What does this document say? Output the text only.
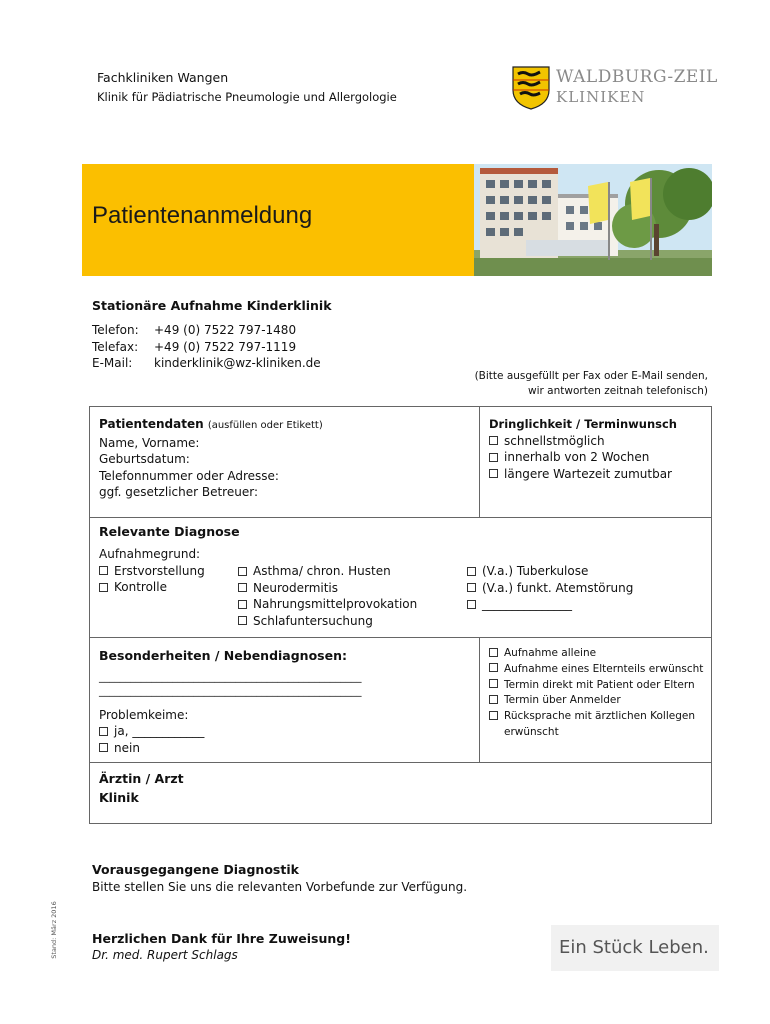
Fachkliniken Wangen
Klinik für Pädiatrische Pneumologie und Allergologie
WALDBURG-ZEIL
KLINIKEN
Patientenanmeldung
Stationäre Aufnahme Kinderklinik
Telefon: +49 (0) 7522 797-1480
Telefax: +49 (0) 7522 797-1119
E-Mail: kinderklinik@wz-kliniken.de
(Bitte ausgefüllt per Fax oder E-Mail senden,
wir antworten zeitnah telefonisch)
Patientendaten (ausfüllen oder Etikett)
Name, Vorname:
Geburtsdatum:
Telefonnummer oder Adresse:
ggf. gesetzlicher Betreuer:
Dringlichkeit / Terminwunsch
schnellstmöglich
innerhalb von 2 Wochen
längere Wartezeit zumutbar
Relevante Diagnose
Aufnahmegrund:
Erstvorstellung
Kontrolle
Asthma/ chron. Husten
Neurodermitis
Nahrungsmittelprovokation
Schlafuntersuchung
(V.a.) Tuberkulose
(V.a.) funkt. Atemstörung
_______________
Besonderheiten / Nebendiagnosen:
__________________________________________________
__________________________________________________
Problemkeime:
ja, ____________
nein
Aufnahme alleine
Aufnahme eines Elternteils erwünscht
Termin direkt mit Patient oder Eltern
Termin über Anmelder
Rücksprache mit ärztlichen Kollegen
erwünscht
Ärztin / Arzt
Klinik
Vorausgegangene Diagnostik
Bitte stellen Sie uns die relevanten Vorbefunde zur Verfügung.
Herzlichen Dank für Ihre Zuweisung!
Dr. med. Rupert Schlags	Ein Stück Leben.
Stand: März 2016
